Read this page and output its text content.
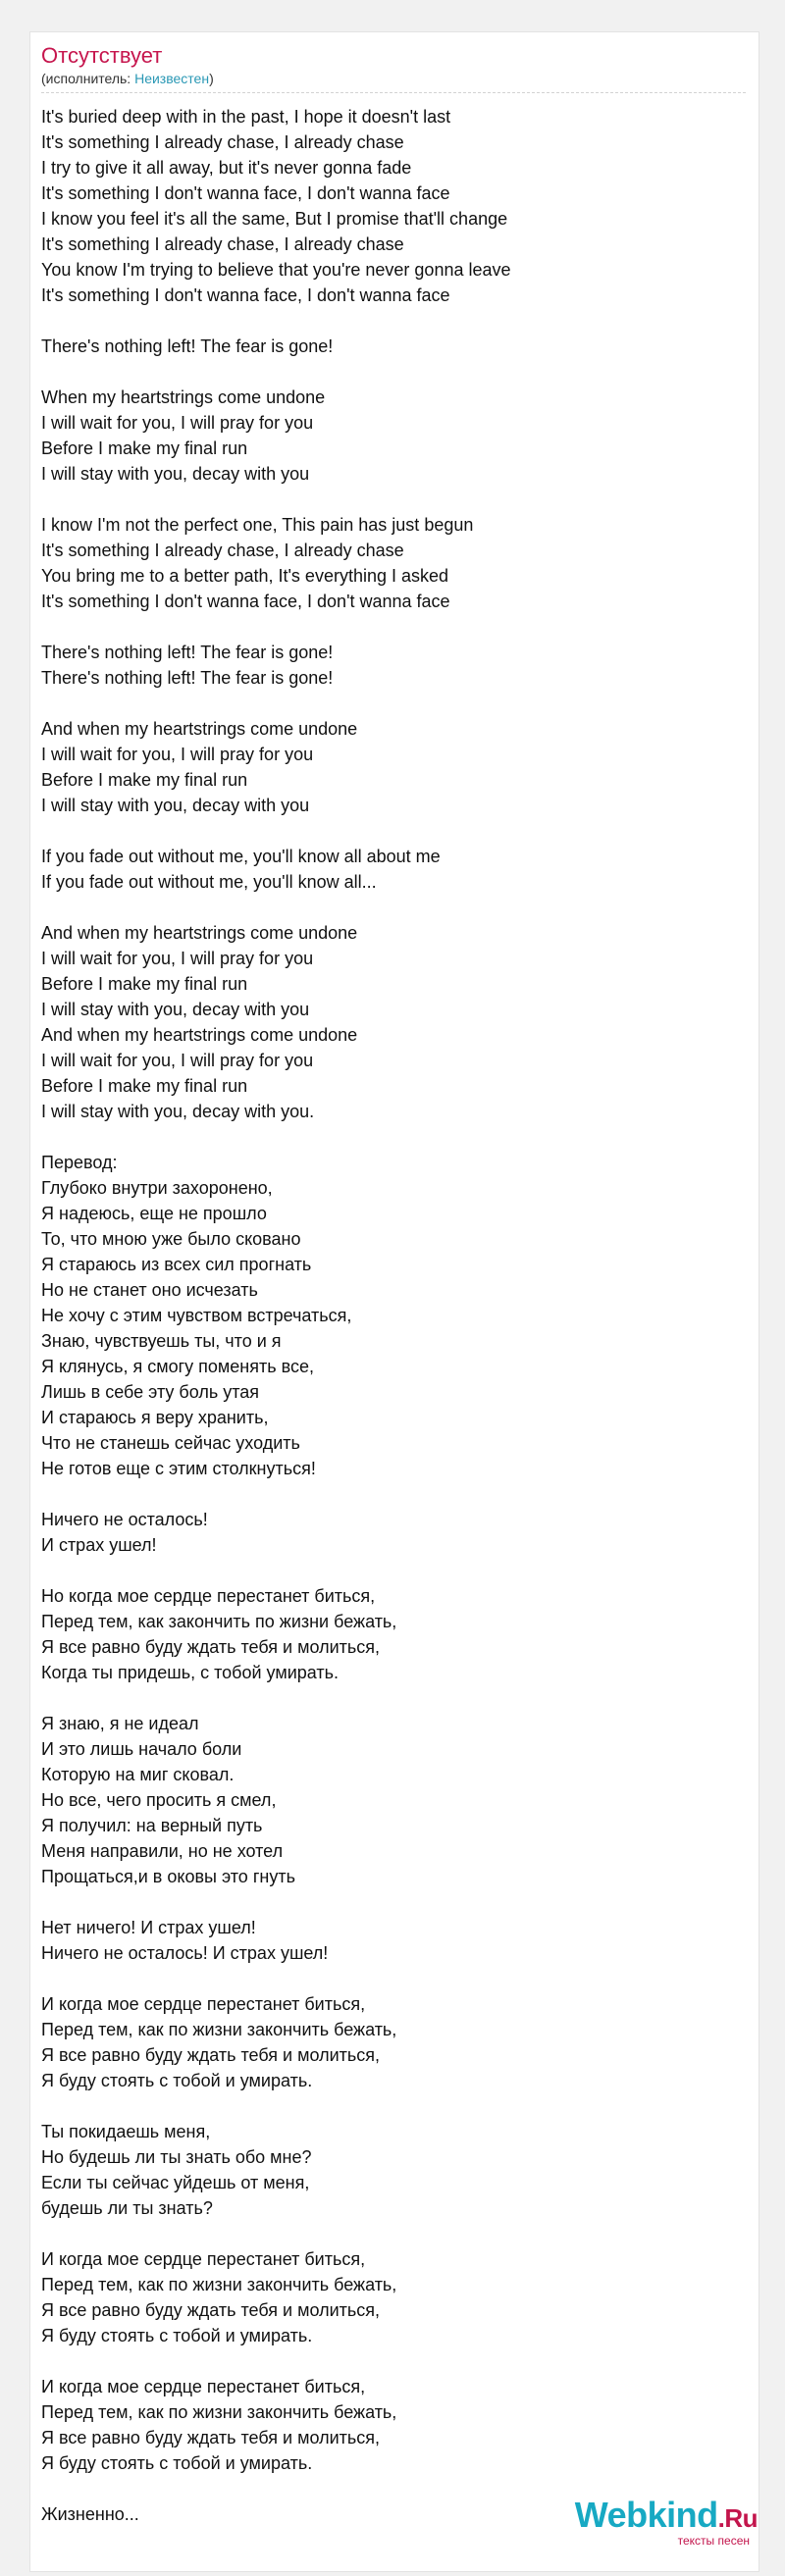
Отсутствует
(исполнитель: Неизвестен)
It's buried deep with in the past, I hope it doesn't last
It's something I already chase, I already chase
I try to give it all away, but it's never gonna fade
It's something I don't wanna face, I don't wanna face
I know you feel it's all the same, But I promise that'll change
It's something I already chase, I already chase
You know I'm trying to believe that you're never gonna leave
It's something I don't wanna face, I don't wanna face
There's nothing left! The fear is gone!
When my heartstrings come undone
I will wait for you, I will pray for you
Before I make my final run
I will stay with you, decay with you
I know I'm not the perfect one, This pain has just begun
It's something I already chase, I already chase
You bring me to a better path, It's everything I asked
It's something I don't wanna face, I don't wanna face
There's nothing left! The fear is gone!
There's nothing left! The fear is gone!
And when my heartstrings come undone
I will wait for you, I will pray for you
Before I make my final run
I will stay with you, decay with you
If you fade out without me, you'll know all about me
If you fade out without me, you'll know all...
And when my heartstrings come undone
I will wait for you, I will pray for you
Before I make my final run
I will stay with you, decay with you
And when my heartstrings come undone
I will wait for you, I will pray for you
Before I make my final run
I will stay with you, decay with you.
Перевод:
Глубоко внутри захоронено,
Я надеюсь, еще не прошло
То, что мною уже было сковано
Я стараюсь из всех сил прогнать
Но не станет оно исчезать
Не хочу с этим чувством встречаться,
Знаю, чувствуешь ты, что и я
Я клянусь, я смогу поменять все,
Лишь в себе эту боль утая
И стараюсь я веру хранить,
Что не станешь сейчас уходить
Не готов еще с этим столкнуться!
Ничего не осталось!
И страх ушел!
Но когда мое сердце перестанет биться,
Перед тем, как закончить по жизни бежать,
Я все равно буду ждать тебя и молиться,
Когда ты придешь, с тобой умирать.
Я знаю, я не идеал
И это лишь начало боли
Которую на миг сковал.
Но все, чего просить я смел,
Я получил: на верный путь
Меня направили, но не хотел
Прощаться,и в оковы это гнуть
Нет ничего! И страх ушел!
Ничего не осталось! И страх ушел!
И когда мое сердце перестанет биться,
Перед тем, как по жизни закончить бежать,
Я все равно буду ждать тебя и молиться,
Я буду стоять с тобой и умирать.
Ты покидаешь меня,
Но будешь ли ты знать обо мне?
Если ты сейчас уйдешь от меня,
будешь ли ты знать?
И когда мое сердце перестанет биться,
Перед тем, как по жизни закончить бежать,
Я все равно буду ждать тебя и молиться,
Я буду стоять с тобой и умирать.
И когда мое сердце перестанет биться,
Перед тем, как по жизни закончить бежать,
Я все равно буду ждать тебя и молиться,
Я буду стоять с тобой и умирать.
Жизненно...	Webkind.Ru
тексты песен
